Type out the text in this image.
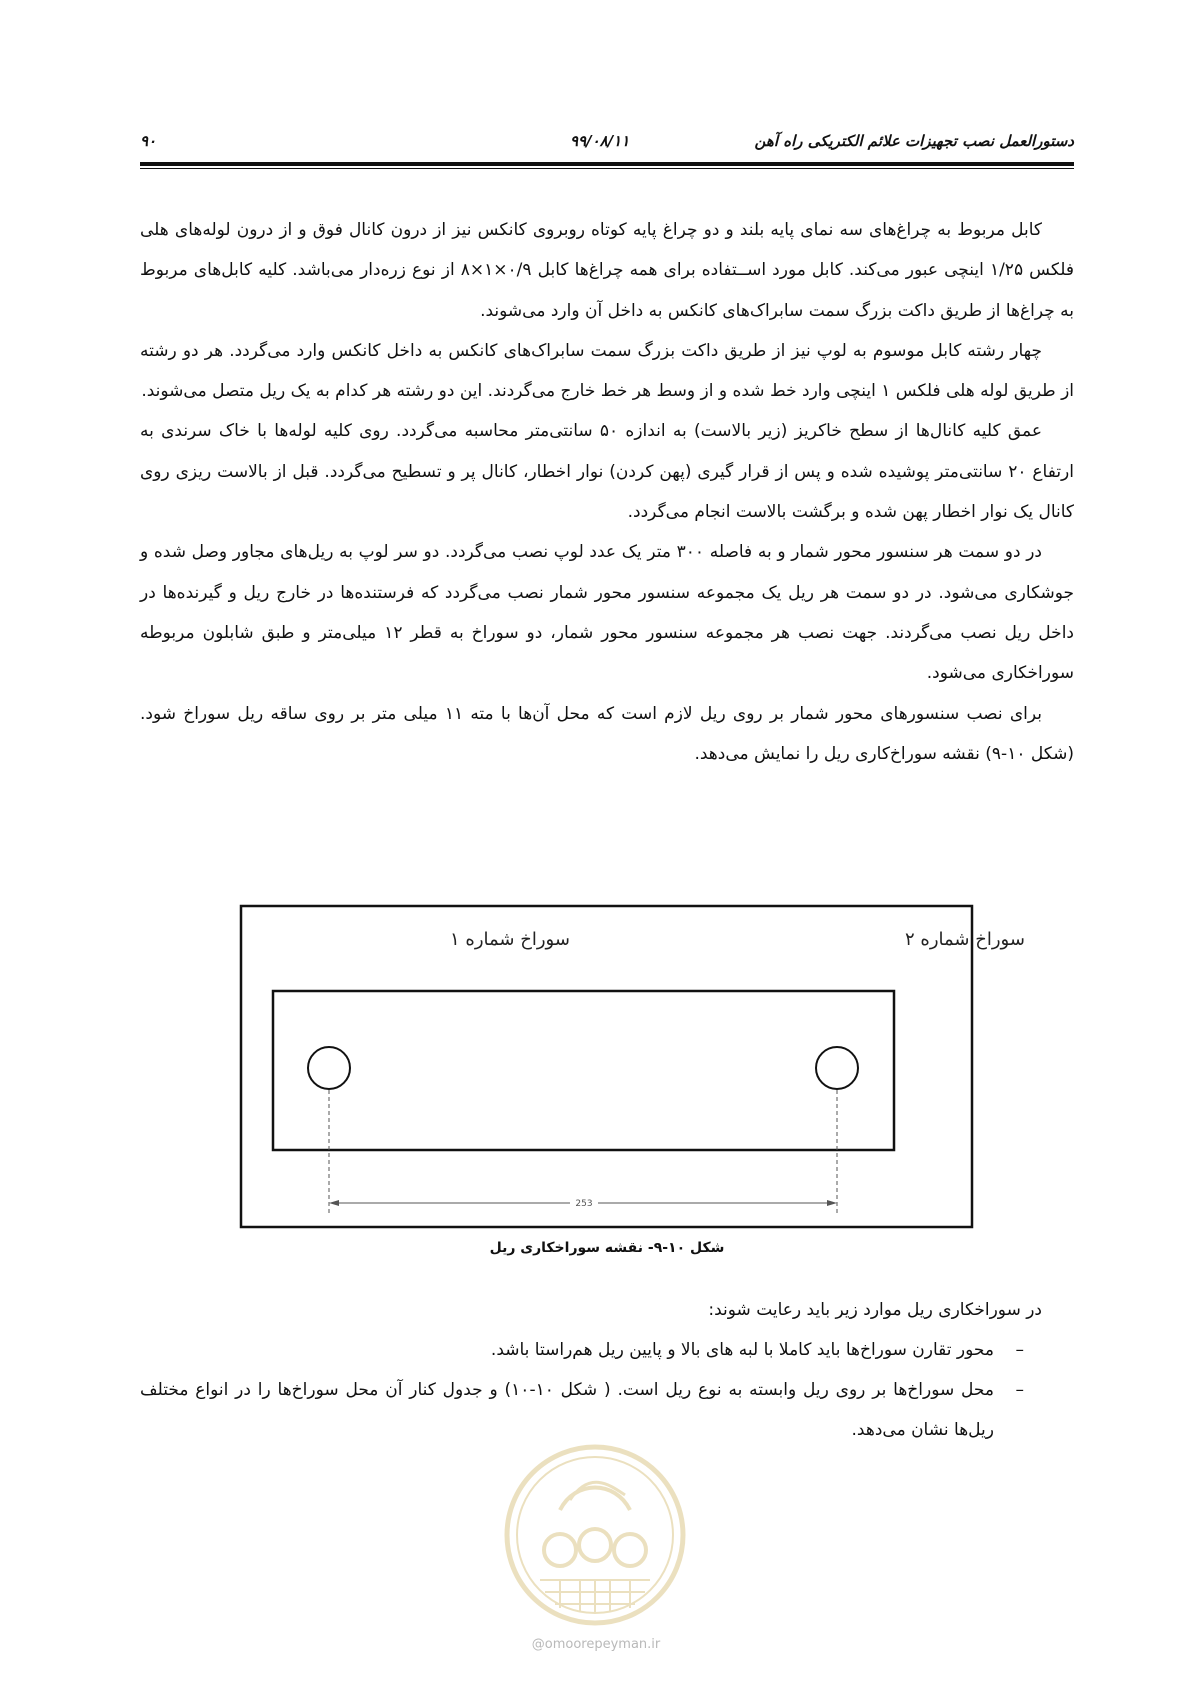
۹۰	۹۹/۰۸/۱۱	دستورالعمل نصب تجهیزات علائم الکتریکی راه آهن

کابل مربوط به چراغ‌های سه نمای پایه بلند و دو چراغ پایه کوتاه روبروی کانکس نیز از درون کانال فوق و از درون لوله‌های هلی فلکس ۱/۲۵ اینچی عبور می‌کند. کابل مورد اســتفاده برای همه چراغ‌ها کابل ۰/۹×۱×۸ از نوع زره‌دار می‌باشد. کلیه کابل‌های مربوط به چراغ‌ها از طریق داکت بزرگ سمت سابراک‌های کانکس به داخل آن وارد می‌شوند.

چهار رشته کابل موسوم به لوپ نیز از طریق داکت بزرگ سمت سابراک‌های کانکس به داخل کانکس وارد می‌گردد. هر دو رشته از طریق لوله هلی فلکس ۱ اینچی وارد خط شده و از وسط هر خط خارج می‌گردند. این دو رشته هر کدام به یک ریل متصل می‌شوند.

عمق کلیه کانال‌ها از سطح خاکریز (زیر بالاست) به اندازه ۵۰ سانتی‌متر محاسبه می‌گردد. روی کلیه لوله‌ها با خاک سرندی به ارتفاع ۲۰ سانتی‌متر پوشیده شده و پس از قرار گیری (پهن کردن) نوار اخطار، کانال پر و تسطیح می‌گردد. قبل از بالاست ریزی روی کانال یک نوار اخطار پهن شده و برگشت بالاست انجام می‌گردد.

در دو سمت هر سنسور محور شمار و به فاصله ۳۰۰ متر یک عدد لوپ نصب می‌گردد. دو سر لوپ به ریل‌های مجاور وصل شده و جوشکاری می‌شود. در دو سمت هر ریل یک مجموعه سنسور محور شمار نصب می‌گردد که فرستنده‌ها در خارج ریل و گیرنده‌ها در داخل ریل نصب می‌گردند. جهت نصب هر مجموعه سنسور محور شمار، دو سوراخ به قطر ۱۲ میلی‌متر و طبق شابلون مربوطه سوراخکاری می‌شود.

برای نصب سنسورهای محور شمار بر روی ریل لازم است که محل آن‌ها با مته ۱۱ میلی متر بر روی ساقه ریل سوراخ شود. (شکل ۱۰-۹) نقشه سوراخ‌کاری ریل را نمایش می‌دهد.

253
سوراخ شماره ۱	سوراخ شماره ۲
شکل ۱۰-۹- نقشه سوراخکاری ریل

در سوراخکاری ریل موارد زیر باید رعایت شوند:

–
محور تقارن سوراخ‌ها باید کاملا با لبه های بالا و پایین ریل هم‌راستا باشد.

–
محل سوراخ‌ها بر روی ریل وابسته به نوع ریل است. ( شکل ۱۰-۱۰) و جدول کنار آن محل سوراخ‌ها را در انواع مختلف ریل‌ها نشان می‌دهد.

@omoorepeyman.ir
